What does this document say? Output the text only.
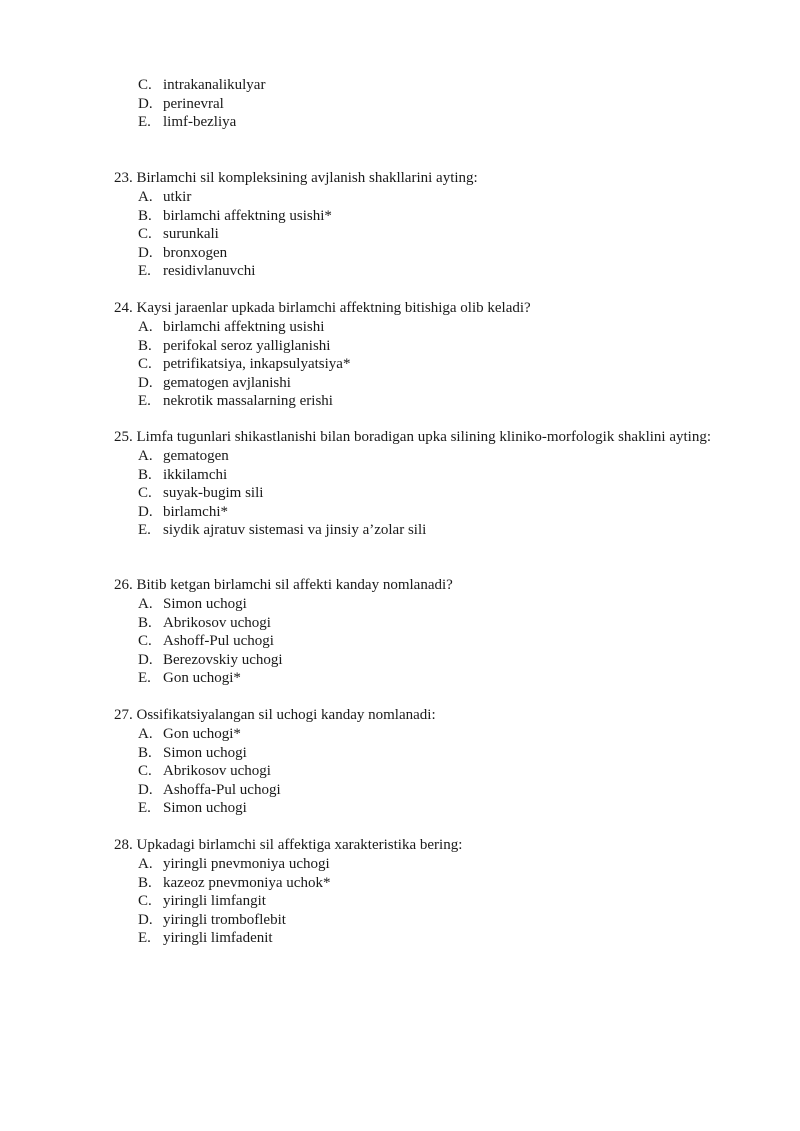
C. intrakanalikulyar
D. perinevral
E. limf-bezliya

23. Birlamchi sil kompleksining avjlanish shakllarini ayting:

A. utkir
B. birlamchi affektning usishi*
C. surunkali
D. bronxogen
E. residivlanuvchi

24. Kaysi jaraenlar upkada birlamchi affektning bitishiga olib keladi?

A. birlamchi affektning usishi
B. perifokal seroz yalliglanishi
C. petrifikatsiya, inkapsulyatsiya*
D. gematogen avjlanishi
E. nekrotik massalarning erishi

25. Limfa tugunlari shikastlanishi bilan boradigan upka silining kliniko-morfologik shaklini ayting:

A. gematogen
B. ikkilamchi
C. suyak-bugim sili
D. birlamchi*
E. siydik ajratuv sistemasi va jinsiy a’zolar sili

26. Bitib ketgan birlamchi sil affekti kanday nomlanadi?

A. Simon uchogi
B. Abrikosov uchogi
C. Ashoff-Pul uchogi
D. Berezovskiy uchogi
E. Gon uchogi*

27. Ossifikatsiyalangan sil uchogi kanday nomlanadi:

A. Gon uchogi*
B. Simon uchogi
C. Abrikosov uchogi
D. Ashoffa-Pul uchogi
E. Simon uchogi

28. Upkadagi birlamchi sil affektiga xarakteristika bering:

A. yiringli pnevmoniya uchogi
B. kazeoz pnevmoniya uchok*
C. yiringli limfangit
D. yiringli tromboflebit
E. yiringli limfadenit
